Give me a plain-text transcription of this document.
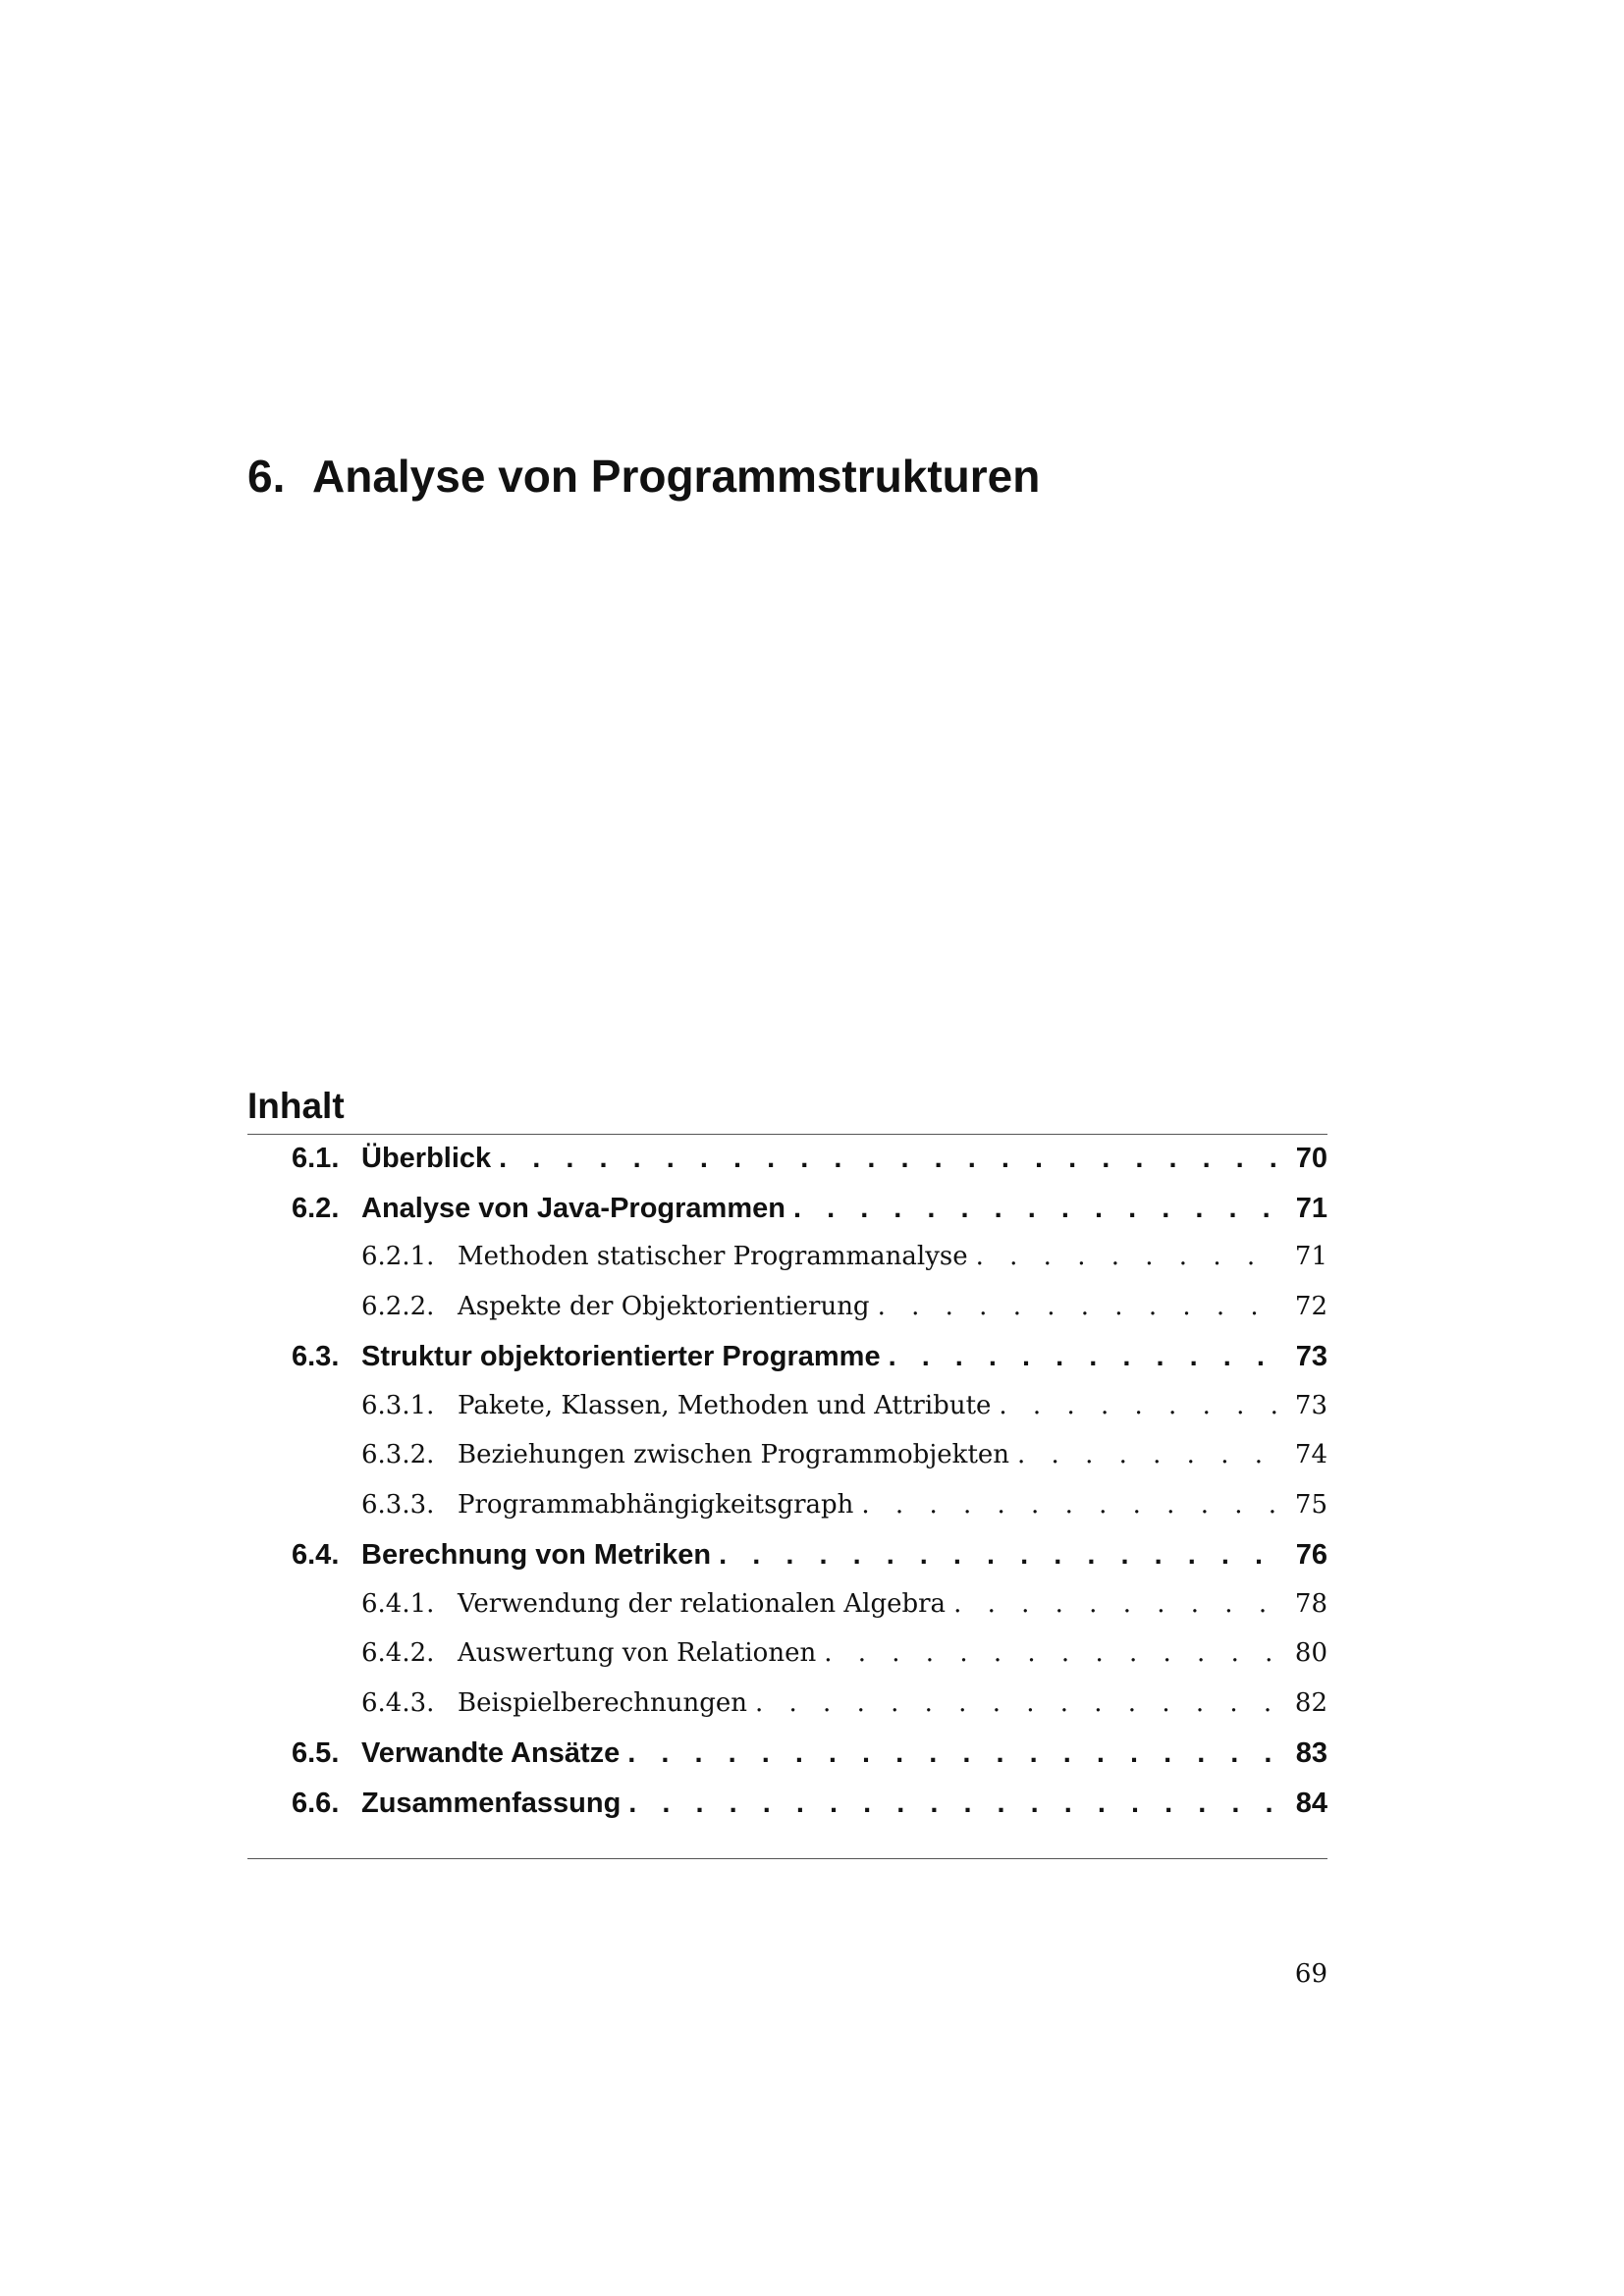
6. Analyse von Programmstrukturen
Inhalt
6.1. Überblick . . .	70
6.2. Analyse von Java-Programmen . . .	71
6.2.1. Methoden statischer Programmanalyse . . .	71
6.2.2. Aspekte der Objektorientierung . . .	72
6.3. Struktur objektorientierter Programme . . .	73
6.3.1. Pakete, Klassen, Methoden und Attribute . . .	73
6.3.2. Beziehungen zwischen Programmobjekten . . .	74
6.3.3. Programmabhängigkeitsgraph . . .	75
6.4. Berechnung von Metriken . . .	76
6.4.1. Verwendung der relationalen Algebra . . .	78
6.4.2. Auswertung von Relationen . . .	80
6.4.3. Beispielberechnungen . . .	82
6.5. Verwandte Ansätze . . .	83
6.6. Zusammenfassung . . .	84
69
